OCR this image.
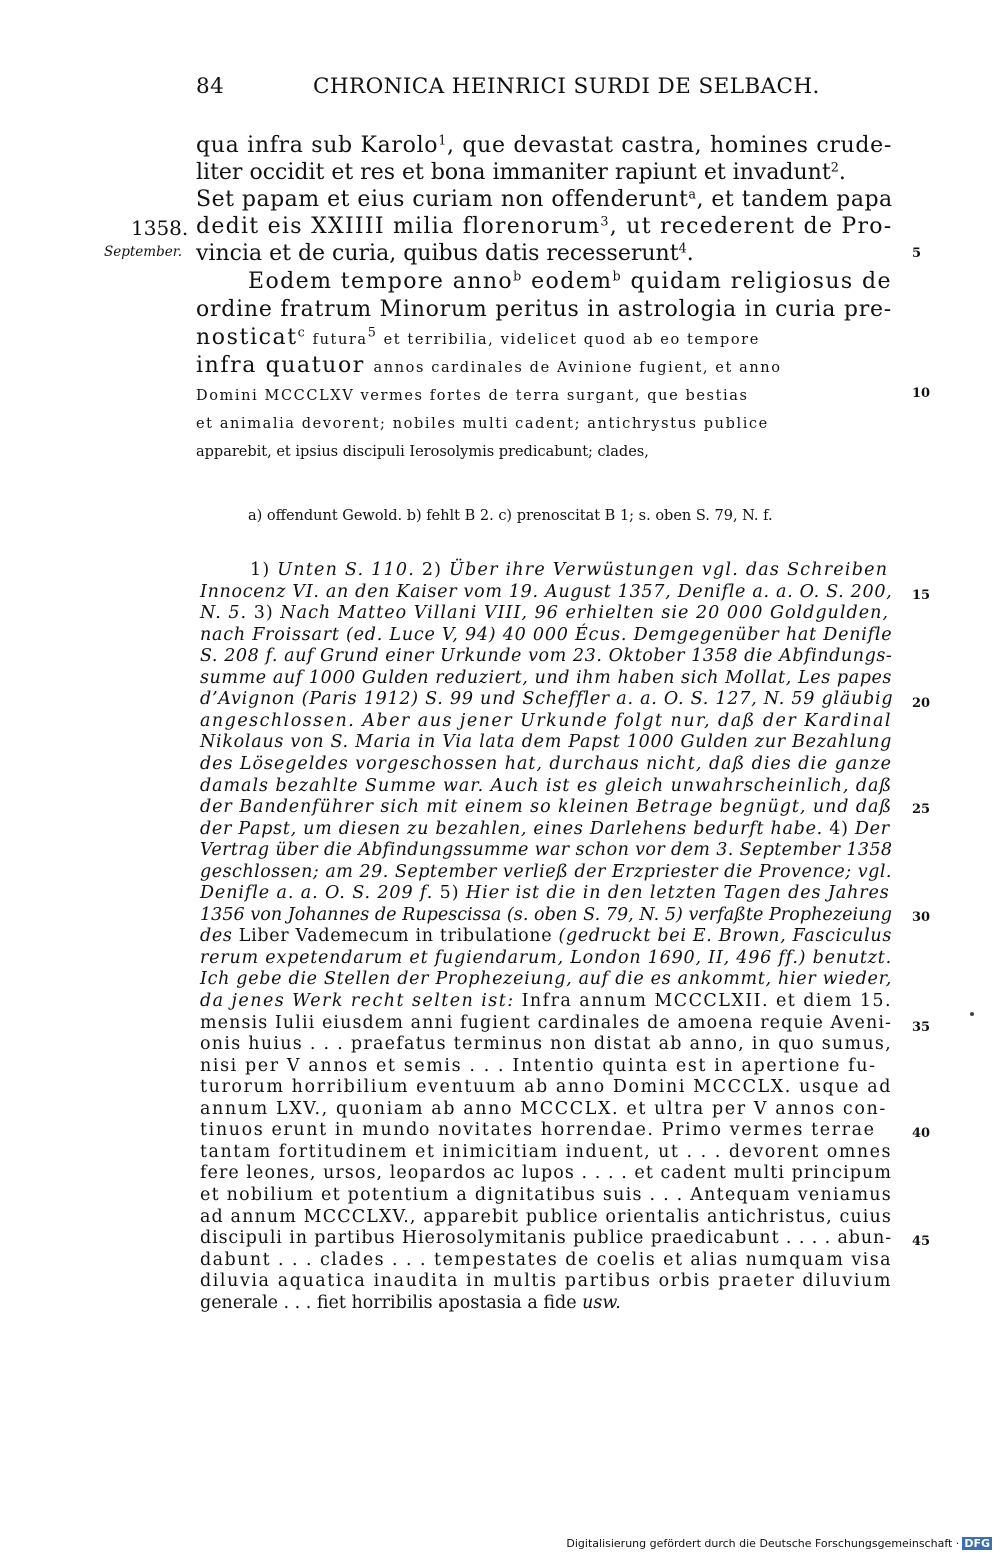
84	CHRONICA HEINRICI SURDI DE SELBACH.
1358.
September.
qua infra sub Karolo$^1$, que devastat castra, homines crude-
liter occidit et res et bona immaniter rapiunt et invadunt$^2$.
Set papam et eius curiam non offenderunt$^a$, et tandem papa
dedit eis XXIIII milia florenorum$^3$, ut recederent de Pro-
vincia et de curia, quibus datis recesserunt$^4$.
Eodem tempore anno$^b$ eodem$^b$ quidam religiosus de
ordine fratrum Minorum peritus in astrologia in curia pre-
nosticat$^c$ futura$^5$ et terribilia, videlicet quod ab eo tempore
infra quatuor annos cardinales de Avinione fugient, et anno
Domini MCCCLXV vermes fortes de terra surgant, que bestias
et animalia devorent; nobiles multi cadent; antichrystus publice
apparebit, et ipsius discipuli Ierosolymis predicabunt; clades,
a) offendunt Gewold. b) fehlt B 2. c) prenoscitat B 1; s. oben S. 79, N. f.
1) Unten S. 110. 2) Über ihre Verwüstungen vgl. das Schreiben
Innocenz VI. an den Kaiser vom 19. August 1357, Denifle a. a. O. S. 200,
N. 5. 3) Nach Matteo Villani VIII, 96 erhielten sie 20 000 Goldgulden,
nach Froissart (ed. Luce V, 94) 40 000 Écus. Demgegenüber hat Denifle
S. 208 f. auf Grund einer Urkunde vom 23. Oktober 1358 die Abfindungs-
summe auf 1000 Gulden reduziert, und ihm haben sich Mollat, Les papes
d’Avignon (Paris 1912) S. 99 und Scheffler a. a. O. S. 127, N. 59 gläubig
angeschlossen. Aber aus jener Urkunde folgt nur, daß der Kardinal
Nikolaus von S. Maria in Via lata dem Papst 1000 Gulden zur Bezahlung
des Lösegeldes vorgeschossen hat, durchaus nicht, daß dies die ganze
damals bezahlte Summe war. Auch ist es gleich unwahrscheinlich, daß
der Bandenführer sich mit einem so kleinen Betrage begnügt, und daß
der Papst, um diesen zu bezahlen, eines Darlehens bedurft habe. 4) Der
Vertrag über die Abfindungssumme war schon vor dem 3. September 1358
geschlossen; am 29. September verließ der Erzpriester die Provence; vgl.
Denifle a. a. O. S. 209 f. 5) Hier ist die in den letzten Tagen des Jahres
1356 von Johannes de Rupescissa (s. oben S. 79, N. 5) verfaßte Prophezeiung
des Liber Vademecum in tribulatione (gedruckt bei E. Brown, Fasciculus
rerum expetendarum et fugiendarum, London 1690, II, 496 ff.) benutzt.
Ich gebe die Stellen der Prophezeiung, auf die es ankommt, hier wieder,
da jenes Werk recht selten ist: Infra annum MCCCLXII. et diem 15.
mensis Iulii eiusdem anni fugient cardinales de amoena requie Aveni-
onis huius . . . praefatus terminus non distat ab anno, in quo sumus,
nisi per V annos et semis . . . Intentio quinta est in apertione fu-
turorum horribilium eventuum ab anno Domini MCCCLX. usque ad
annum LXV., quoniam ab anno MCCCLX. et ultra per V annos con-
tinuos erunt in mundo novitates horrendae. Primo vermes terrae
tantam fortitudinem et inimicitiam induent, ut . . . devorent omnes
fere leones, ursos, leopardos ac lupos . . . . et cadent multi principum
et nobilium et potentium a dignitatibus suis . . . Antequam veniamus
ad annum MCCCLXV., apparebit publice orientalis antichristus, cuius
discipuli in partibus Hierosolymitanis publice praedicabunt . . . . abun-
dabunt . . . clades . . . tempestates de coelis et alias numquam visa
diluvia aquatica inaudita in multis partibus orbis praeter diluvium
generale . . . fiet horribilis apostasia a fide usw.
5
10
15
20
25
30
35
40
45
Digitalisierung gefördert durch die Deutsche Forschungsgemeinschaft · DFG
